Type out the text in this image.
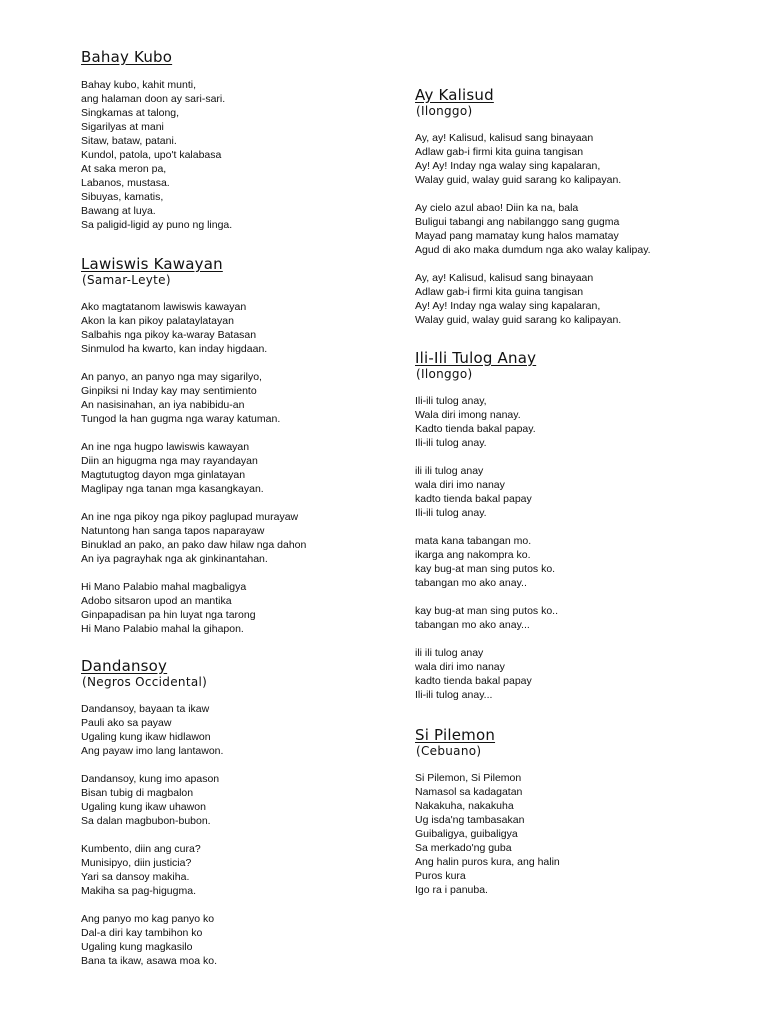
Bahay Kubo
Bahay kubo, kahit munti,
ang halaman doon ay sari-sari.
Singkamas at talong,
Sigarilyas at mani
Sitaw, bataw, patani.
Kundol, patola, upo't kalabasa
At saka meron pa,
Labanos, mustasa.
Sibuyas, kamatis,
Bawang at luya.
Sa paligid-ligid ay puno ng linga.
Lawiswis Kawayan
(Samar-Leyte)
Ako magtatanom lawiswis kawayan
Akon la kan pikoy palataylatayan
Salbahis nga pikoy ka-waray Batasan
Sinmulod ha kwarto, kan inday higdaan.
An panyo, an panyo nga may sigarilyo,
Ginpiksi ni Inday kay may sentimiento
An nasisinahan, an iya nabibidu-an
Tungod la han gugma nga waray katuman.
An ine nga hugpo lawiswis kawayan
Diin an higugma nga may rayandayan
Magtutugtog dayon mga ginlatayan
Maglipay nga tanan mga kasangkayan.
An ine nga pikoy nga pikoy paglupad murayaw
Natuntong han sanga tapos naparayaw
Binuklad an pako, an pako daw hilaw nga dahon
An iya pagrayhak nga ak ginkinantahan.
Hi Mano Palabio mahal magbaligya
Adobo sitsaron upod an mantika
Ginpapadisan pa hin luyat nga tarong
Hi Mano Palabio mahal la gihapon.
Dandansoy
(Negros Occidental)
Dandansoy, bayaan ta ikaw
Pauli ako sa payaw
Ugaling kung ikaw hidlawon
Ang payaw imo lang lantawon.
Dandansoy, kung imo apason
Bisan tubig di magbalon
Ugaling kung ikaw uhawon
Sa dalan magbubon-bubon.
Kumbento, diin ang cura?
Munisipyo, diin justicia?
Yari sa dansoy makiha.
Makiha sa pag-higugma.
Ang panyo mo kag panyo ko
Dal-a diri kay tambihon ko
Ugaling kung magkasilo
Bana ta ikaw, asawa moa ko.
Ay Kalisud
(Ilonggo)
Ay, ay! Kalisud, kalisud sang binayaan
Adlaw gab-i firmi kita guina tangisan
Ay! Ay! Inday nga walay sing kapalaran,
Walay guid, walay guid sarang ko kalipayan.
Ay cielo azul abao! Diin ka na, bala
Buligui tabangi ang nabilanggo sang gugma
Mayad pang mamatay kung halos mamatay
Agud di ako maka dumdum nga ako walay kalipay.
Ay, ay! Kalisud, kalisud sang binayaan
Adlaw gab-i firmi kita guina tangisan
Ay! Ay! Inday nga walay sing kapalaran,
Walay guid, walay guid sarang ko kalipayan.
Ili-Ili Tulog Anay
(Ilonggo)
Ili-ili tulog anay,
Wala diri imong nanay.
Kadto tienda bakal papay.
Ili-ili tulog anay.
ili ili tulog anay
wala diri imo nanay
kadto tienda bakal papay
Ili-ili tulog anay.
mata kana tabangan mo.
ikarga ang nakompra ko.
kay bug-at man sing putos ko.
tabangan mo ako anay..
kay bug-at man sing putos ko..
tabangan mo ako anay...
ili ili tulog anay
wala diri imo nanay
kadto tienda bakal papay
Ili-ili tulog anay...
Si Pilemon
(Cebuano)
Si Pilemon, Si Pilemon
Namasol sa kadagatan
Nakakuha, nakakuha
Ug isda'ng tambasakan
Guibaligya, guibaligya
Sa merkado'ng guba
Ang halin puros kura, ang halin
Puros kura
Igo ra i panuba.
